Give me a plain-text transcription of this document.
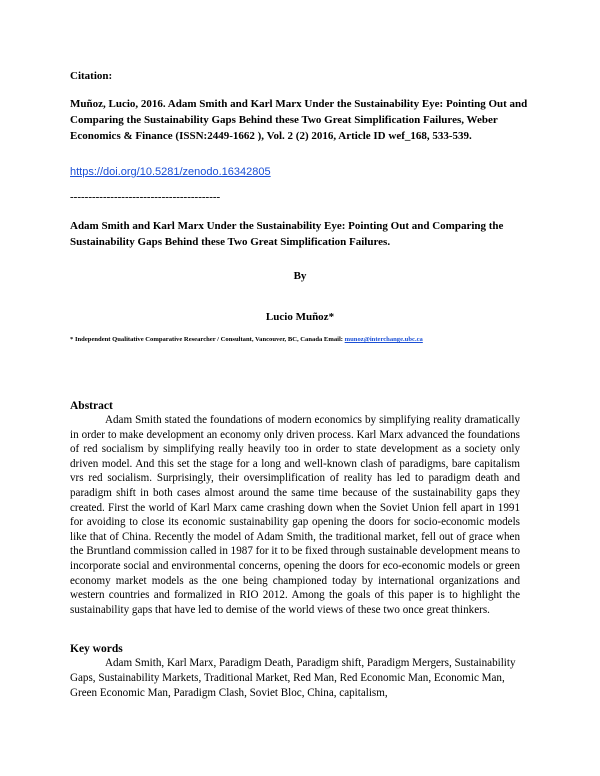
Citation:
Muñoz, Lucio, 2016. Adam Smith and Karl Marx Under the Sustainability Eye: Pointing Out and Comparing the Sustainability Gaps Behind these Two Great Simplification Failures, Weber Economics & Finance (ISSN:2449-1662 ), Vol. 2 (2) 2016, Article ID wef_168, 533-539.
https://doi.org/10.5281/zenodo.16342805
-----------------------------------------
Adam Smith and Karl Marx Under the Sustainability Eye: Pointing Out and Comparing the Sustainability Gaps Behind these Two Great Simplification Failures.
By
Lucio Muñoz*
* Independent Qualitative Comparative Researcher / Consultant, Vancouver, BC, Canada Email: munoz@interchange.ubc.ca
Abstract
Adam Smith stated the foundations of modern economics by simplifying reality dramatically in order to make development an economy only driven process. Karl Marx advanced the foundations of red socialism by simplifying really heavily too in order to state development as a society only driven model. And this set the stage for a long and well-known clash of paradigms, bare capitalism vrs red socialism. Surprisingly, their oversimplification of reality has led to paradigm death and paradigm shift in both cases almost around the same time because of the sustainability gaps they created. First the world of Karl Marx came crashing down when the Soviet Union fell apart in 1991 for avoiding to close its economic sustainability gap opening the doors for socio-economic models like that of China. Recently the model of Adam Smith, the traditional market, fell out of grace when the Bruntland commission called in 1987 for it to be fixed through sustainable development means to incorporate social and environmental concerns, opening the doors for eco-economic models or green economy market models as the one being championed today by international organizations and western countries and formalized in RIO 2012. Among the goals of this paper is to highlight the sustainability gaps that have led to demise of the world views of these two once great thinkers.
Key words
Adam Smith, Karl Marx, Paradigm Death, Paradigm shift, Paradigm Mergers, Sustainability Gaps, Sustainability Markets, Traditional Market, Red Man, Red Economic Man, Economic Man, Green Economic Man, Paradigm Clash, Soviet Bloc, China, capitalism,
